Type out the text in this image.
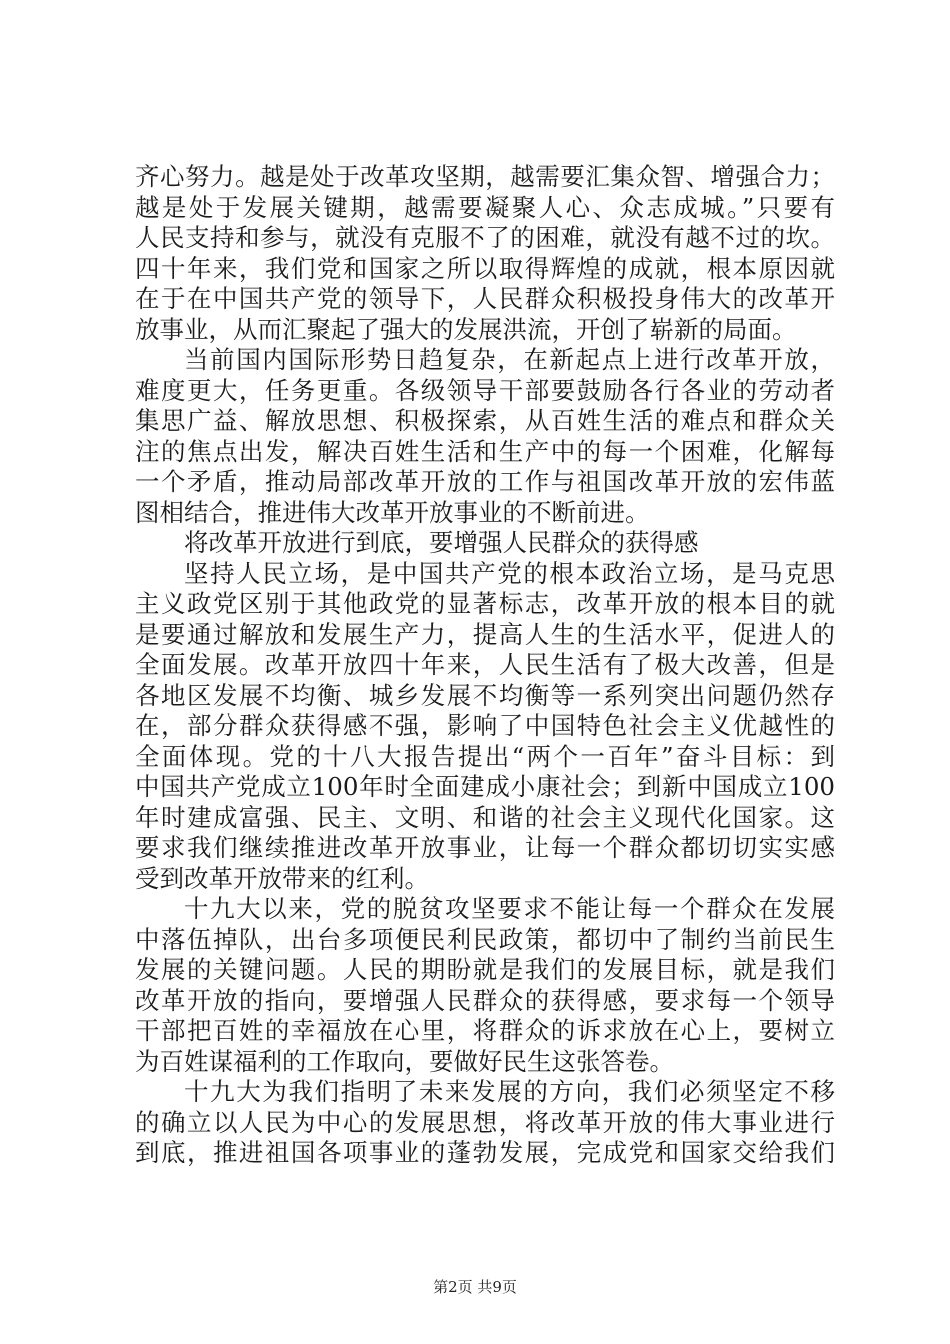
齐心努力。越是处于改革攻坚期，越需要汇集众智、增强合力；
越是处于发展关键期，越需要凝聚人心、众志成城。”只要有
人民支持和参与，就没有克服不了的困难，就没有越不过的坎。
四十年来，我们党和国家之所以取得辉煌的成就，根本原因就
在于在中国共产党的领导下，人民群众积极投身伟大的改革开
放事业，从而汇聚起了强大的发展洪流，开创了崭新的局面。
当前国内国际形势日趋复杂，在新起点上进行改革开放，
难度更大，任务更重。各级领导干部要鼓励各行各业的劳动者
集思广益、解放思想、积极探索，从百姓生活的难点和群众关
注的焦点出发，解决百姓生活和生产中的每一个困难，化解每
一个矛盾，推动局部改革开放的工作与祖国改革开放的宏伟蓝
图相结合，推进伟大改革开放事业的不断前进。
将改革开放进行到底，要增强人民群众的获得感
坚持人民立场，是中国共产党的根本政治立场，是马克思
主义政党区别于其他政党的显著标志，改革开放的根本目的就
是要通过解放和发展生产力，提高人生的生活水平，促进人的
全面发展。改革开放四十年来，人民生活有了极大改善，但是
各地区发展不均衡、城乡发展不均衡等一系列突出问题仍然存
在，部分群众获得感不强，影响了中国特色社会主义优越性的
全面体现。党的十八大报告提出“两个一百年”奋斗目标：到
中国共产党成立100年时全面建成小康社会；到新中国成立100
年时建成富强、民主、文明、和谐的社会主义现代化国家。这
要求我们继续推进改革开放事业，让每一个群众都切切实实感
受到改革开放带来的红利。
十九大以来，党的脱贫攻坚要求不能让每一个群众在发展
中落伍掉队，出台多项便民利民政策，都切中了制约当前民生
发展的关键问题。人民的期盼就是我们的发展目标，就是我们
改革开放的指向，要增强人民群众的获得感，要求每一个领导
干部把百姓的幸福放在心里，将群众的诉求放在心上，要树立
为百姓谋福利的工作取向，要做好民生这张答卷。
十九大为我们指明了未来发展的方向，我们必须坚定不移
的确立以人民为中心的发展思想，将改革开放的伟大事业进行
到底，推进祖国各项事业的蓬勃发展，完成党和国家交给我们
第2页 共9页
